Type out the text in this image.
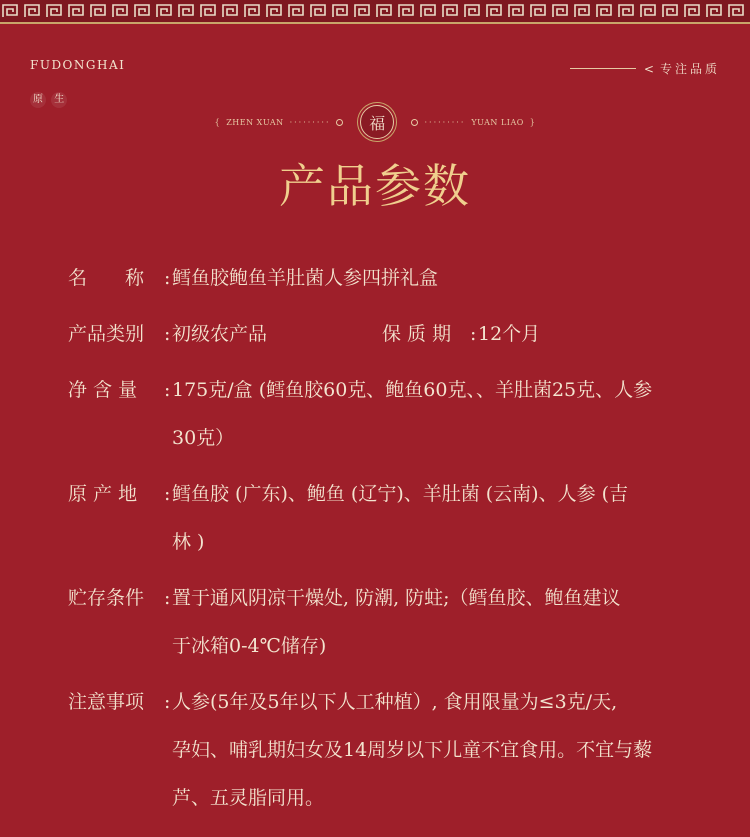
FUDONGHAI
原 生
< 专注品质
{ ZHEN XUAN ·········	福	········· YUAN LIAO }
产品参数
名　　称	: 鳕鱼胶鲍鱼羊肚菌人参四拼礼盒
产品类别	: 初级农产品	保 质 期 : 12个月
净 含 量	: 175克/盒 (鳕鱼胶60克、鲍鱼60克、、羊肚菌25克、人参
30克）
原 产 地	: 鳕鱼胶 (广东)、鲍鱼 (辽宁)、羊肚菌 (云南)、人参 (吉
林 )
贮存条件	: 置于通风阴凉干燥处, 防潮, 防蛀;（鳕鱼胶、鲍鱼建议
于冰箱0-4℃储存)
注意事项	: 人参(5年及5年以下人工种植）, 食用限量为≤3克/天,
孕妇、哺乳期妇女及14周岁以下儿童不宜食用。不宜与藜
芦、五灵脂同用。
